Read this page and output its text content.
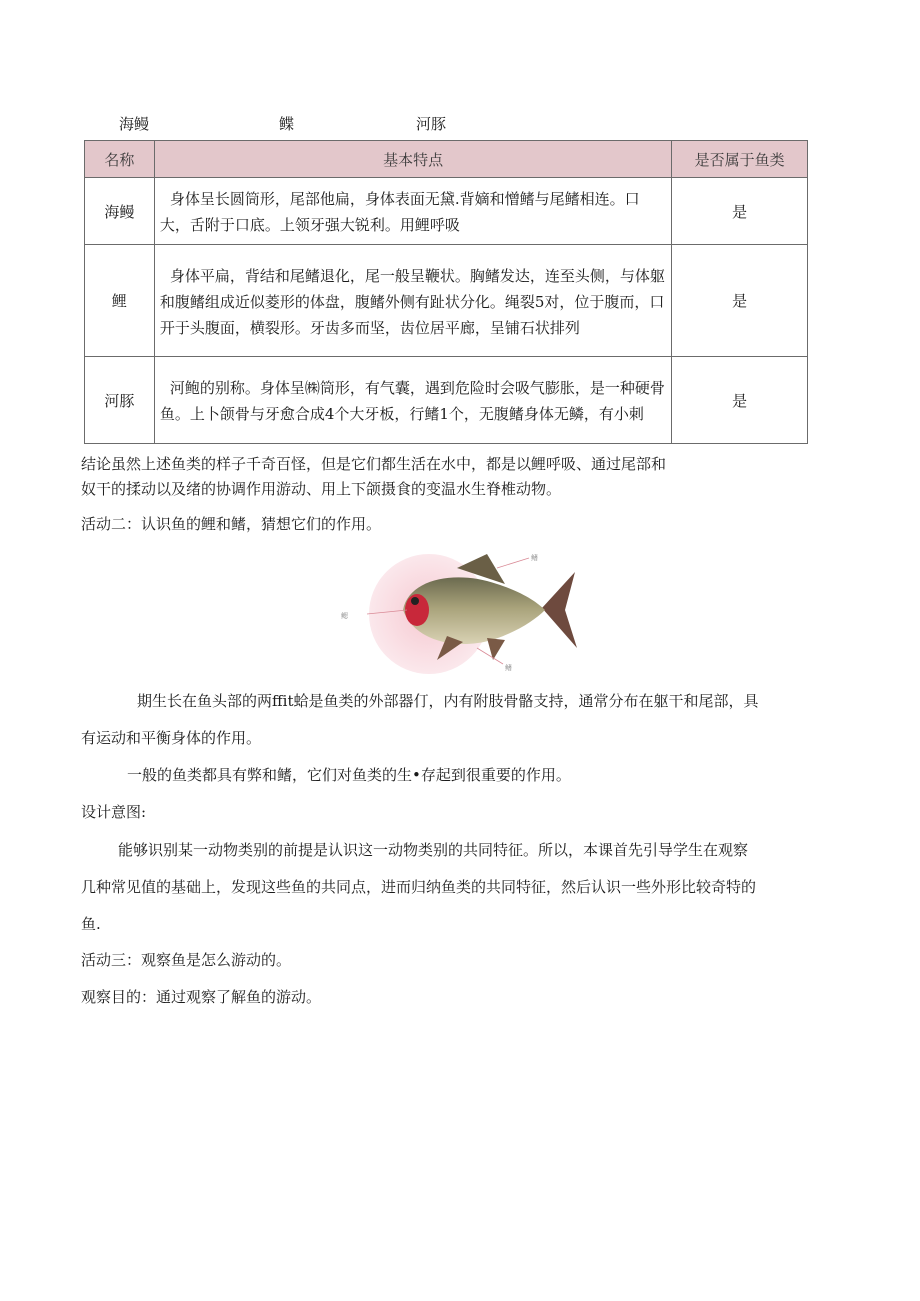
海鳗	鲽	河豚
名称	基本特点	是否属于鱼类
海鳗	身体呈长圆筒形，尾部他扁，身体表面无黛.背嫡和憎鳍与尾鳍相连。口大，舌附于口底。上领牙强大锐利。用鲤呼吸	是
鲤	身体平扁，背结和尾鳍退化，尾一般呈鞭状。胸鳍发达，连至头侧，与体躯和腹鳍组成近似菱形的体盘，腹鳍外侧有趾状分化。绳裂5对，位于腹而，口开于头腹面，横裂形。牙齿多而坚，齿位居平廊，呈铺石状排列	是
河豚	河鲍的别称。身体呈㈱筒形，有气囊，遇到危险时会吸气膨胀，是一种硬骨鱼。上卜颌骨与牙愈合成4个大牙板，行鳍1个，无腹鳍身体无鳞，有小刺	是
结论虽然上述鱼类的样子千奇百怪，但是它们都生活在水中，都是以鲤呼吸、通过尾部和
奴干的揉动以及绪的协调作用游动、用上下颌摄食的变温水生脊椎动物。
活动二：认识鱼的鲤和鳍，猜想它们的作用。
鳍
鳃
鳍
期生长在鱼头部的两ffit蛤是鱼类的外部器仃，内有附肢骨骼支持，通常分布在躯干和尾部，具
有运动和平衡身体的作用。
一般的鱼类都具有弊和鳍，它们对鱼类的生•存起到很重要的作用。
设计意图:
能够识别某一动物类别的前提是认识这一动物类别的共同特征。所以，本课首先引导学生在观察
几种常见值的基础上，发现这些鱼的共同点，进而归纳鱼类的共同特征，然后认识一些外形比较奇特的
鱼.
活动三：观察鱼是怎么游动的。
观察目的：通过观察了解鱼的游动。
